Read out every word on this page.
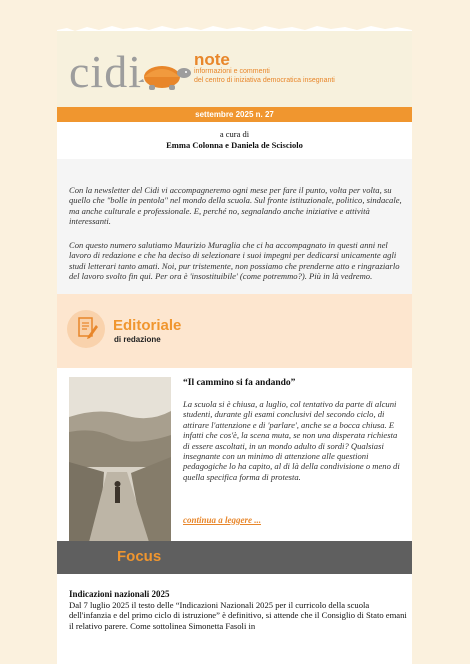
cidi	note
informazioni e commenti
del centro di iniziativa democratica insegnanti
settembre 2025 n. 27
a cura di
Emma Colonna e Daniela de Scisciolo

Con la newsletter del Cidi vi accompagneremo ogni mese per fare il punto, volta per volta, su quello che "bolle in pentola" nel mondo della scuola. Sul fronte istituzionale, politico, sindacale, ma anche culturale e professionale. E, perché no, segnalando anche iniziative e attività interessanti.

Con questo numero salutiamo Maurizio Muraglia che ci ha accompagnato in questi anni nel lavoro di redazione e che ha deciso di selezionare i suoi impegni per dedicarsi unicamente agli studi letterari tanto amati. Noi, pur tristemente, non possiamo che prenderne atto e ringraziarlo del lavoro svolto fin qui. Per ora è 'insostituibile' (come potremmo?). Più in là vedremo.

Editoriale
di redazione
“Il cammino si fa andando”

La scuola si è chiusa, a luglio, col tentativo da parte di alcuni studenti, durante gli esami conclusivi del secondo ciclo, di attirare l'attenzione e di 'parlare', anche se a bocca chiusa. E infatti che cos'è, la scena muta, se non una disperata richiesta di essere ascoltati, in un mondo adulto di sordi? Qualsiasi insegnante con un minimo di attenzione alle questioni pedagogiche lo ha capito, al di là della condivisione o meno di quella specifica forma di protesta.

continua a leggere ...
Focus
Indicazioni nazionali 2025

Dal 7 luglio 2025 il testo delle “Indicazioni Nazionali 2025 per il curricolo della scuola dell'infanzia e del primo ciclo di istruzione” è definitivo, si attende che il Consiglio di Stato emani il relativo parere. Come sottolinea Simonetta Fasoli in
